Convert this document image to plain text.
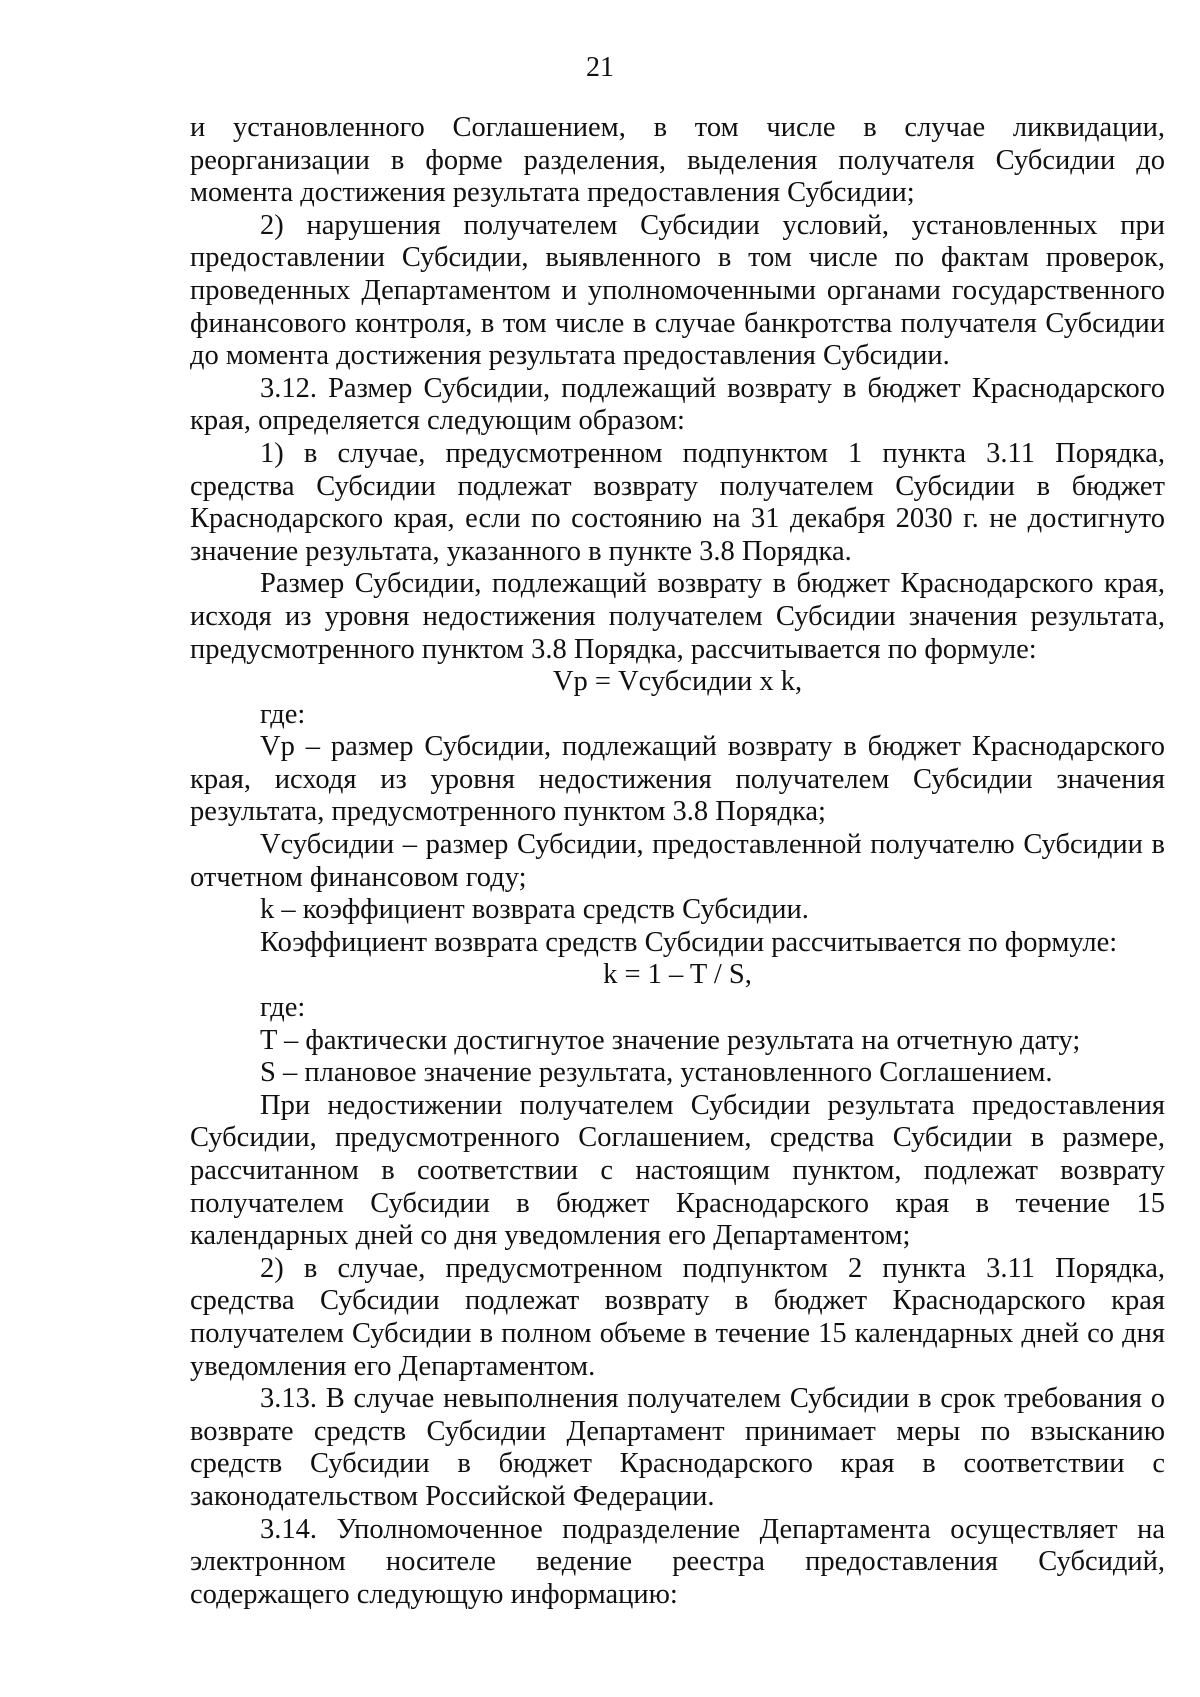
21

и установленного Соглашением, в том числе в случае ликвидации, реорганизации в форме разделения, выделения получателя Субсидии до момента достижения результата предоставления Субсидии;

2) нарушения получателем Субсидии условий, установленных при предоставлении Субсидии, выявленного в том числе по фактам проверок, проведенных Департаментом и уполномоченными органами государственного финансового контроля, в том числе в случае банкротства получателя Субсидии до момента достижения результата предоставления Субсидии.

3.12. Размер Субсидии, подлежащий возврату в бюджет Краснодарского края, определяется следующим образом:

1) в случае, предусмотренном подпунктом 1 пункта 3.11 Порядка, средства Субсидии подлежат возврату получателем Субсидии в бюджет Краснодарского края, если по состоянию на 31 декабря 2030 г. не достигнуто значение результата, указанного в пункте 3.8 Порядка.

Размер Субсидии, подлежащий возврату в бюджет Краснодарского края, исходя из уровня недостижения получателем Субсидии значения результата, предусмотренного пунктом 3.8 Порядка, рассчитывается по формуле:

Vр = Vсубсидии х k,

где:

Vр – размер Субсидии, подлежащий возврату в бюджет Краснодарского края, исходя из уровня недостижения получателем Субсидии значения результата, предусмотренного пунктом 3.8 Порядка;

Vсубсидии – размер Субсидии, предоставленной получателю Субсидии в отчетном финансовом году;

k – коэффициент возврата средств Субсидии.

Коэффициент возврата средств Субсидии рассчитывается по формуле:

k = 1 – T / S,

где:

T – фактически достигнутое значение результата на отчетную дату;

S – плановое значение результата, установленного Соглашением.

При недостижении получателем Субсидии результата предоставления Субсидии, предусмотренного Соглашением, средства Субсидии в размере, рассчитанном в соответствии с настоящим пунктом, подлежат возврату получателем Субсидии в бюджет Краснодарского края в течение 15 календарных дней со дня уведомления его Департаментом;

2) в случае, предусмотренном подпунктом 2 пункта 3.11 Порядка, средства Субсидии подлежат возврату в бюджет Краснодарского края получателем Субсидии в полном объеме в течение 15 календарных дней со дня уведомления его Департаментом.

3.13. В случае невыполнения получателем Субсидии в срок требования о возврате средств Субсидии Департамент принимает меры по взысканию средств Субсидии в бюджет Краснодарского края в соответствии с законодательством Российской Федерации.

3.14. Уполномоченное подразделение Департамента осуществляет на электронном носителе ведение реестра предоставления Субсидий, содержащего следующую информацию:
